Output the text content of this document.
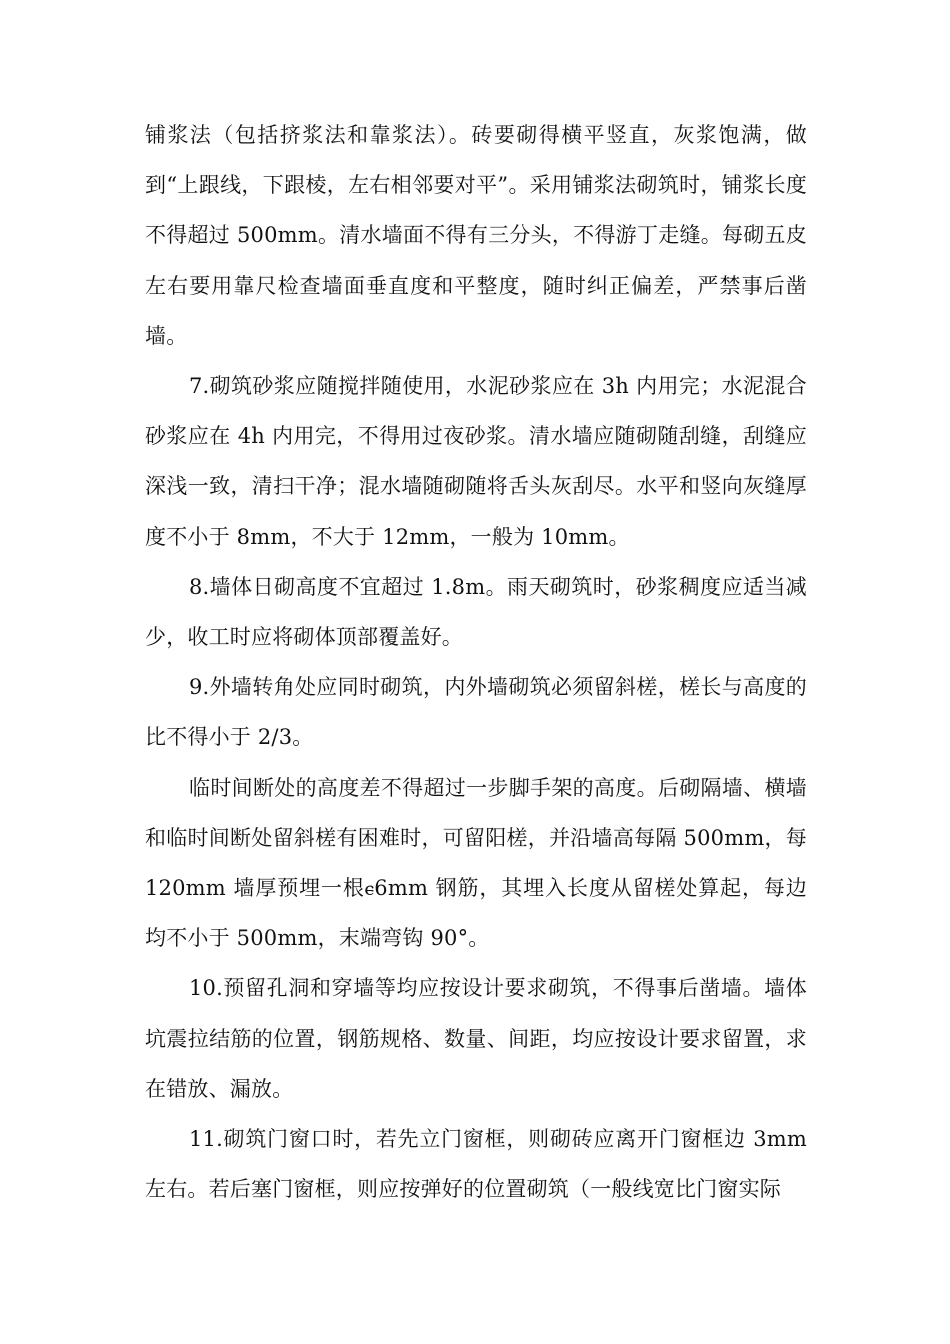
铺浆法（包括挤浆法和靠浆法）。砖要砌得横平竖直，灰浆饱满，做到“上跟线，下跟棱，左右相邻要对平”。采用铺浆法砌筑时，铺浆长度不得超过 500mm。清水墙面不得有三分头，不得游丁走缝。每砌五皮左右要用靠尺检查墙面垂直度和平整度，随时纠正偏差，严禁事后凿墙。

7.砌筑砂浆应随搅拌随使用，水泥砂浆应在 3h 内用完；水泥混合砂浆应在 4h 内用完，不得用过夜砂浆。清水墙应随砌随刮缝，刮缝应深浅一致，清扫干净；混水墙随砌随将舌头灰刮尽。水平和竖向灰缝厚度不小于 8mm，不大于 12mm，一般为 10mm。

8.墙体日砌高度不宜超过 1.8m。雨天砌筑时，砂浆稠度应适当减少，收工时应将砌体顶部覆盖好。

9.外墙转角处应同时砌筑，内外墙砌筑必须留斜槎，槎长与高度的比不得小于 2/3。

临时间断处的高度差不得超过一步脚手架的高度。后砌隔墙、横墙和临时间断处留斜槎有困难时，可留阳槎，并沿墙高每隔 500mm，每 120mm 墙厚预埋一根ⲉ6mm 钢筋，其埋入长度从留槎处算起，每边均不小于 500mm，末端弯钩 90°。

10.预留孔洞和穿墙等均应按设计要求砌筑，不得事后凿墙。墙体坑震拉结筋的位置，钢筋规格、数量、间距，均应按设计要求留置，求在错放、漏放。

11.砌筑门窗口时，若先立门窗框，则砌砖应离开门窗框边 3mm 左右。若后塞门窗框，则应按弹好的位置砌筑（一般线宽比门窗实际
